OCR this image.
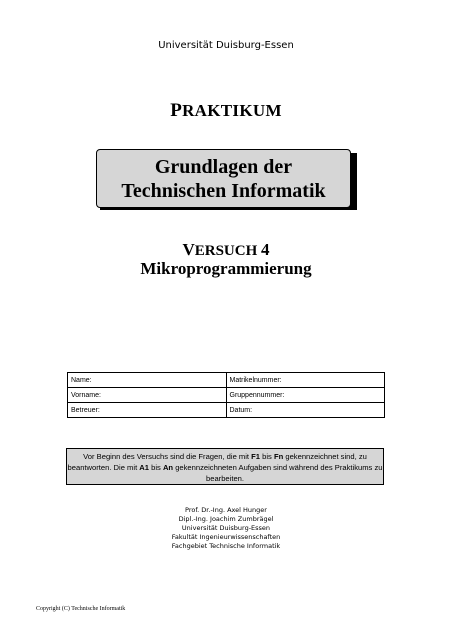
Universität Duisburg-Essen
PRAKTIKUM
Grundlagen der
Technischen Informatik
VERSUCH 4
Mikroprogrammierung
Name:	Matrikelnummer:
Vorname:	Gruppennummer:
Betreuer:	Datum:
Vor Beginn des Versuchs sind die Fragen, die mit F1 bis Fn gekennzeichnet sind, zu beantworten. Die mit A1 bis An gekennzeichneten Aufgaben sind während des Praktikums zu bearbeiten.
Prof. Dr.-Ing. Axel Hunger
Dipl.-Ing. Joachim Zumbrägel
Universität Duisburg-Essen
Fakultät Ingenieurwissenschaften
Fachgebiet Technische Informatik
Copyright (C) Technische Informatik
